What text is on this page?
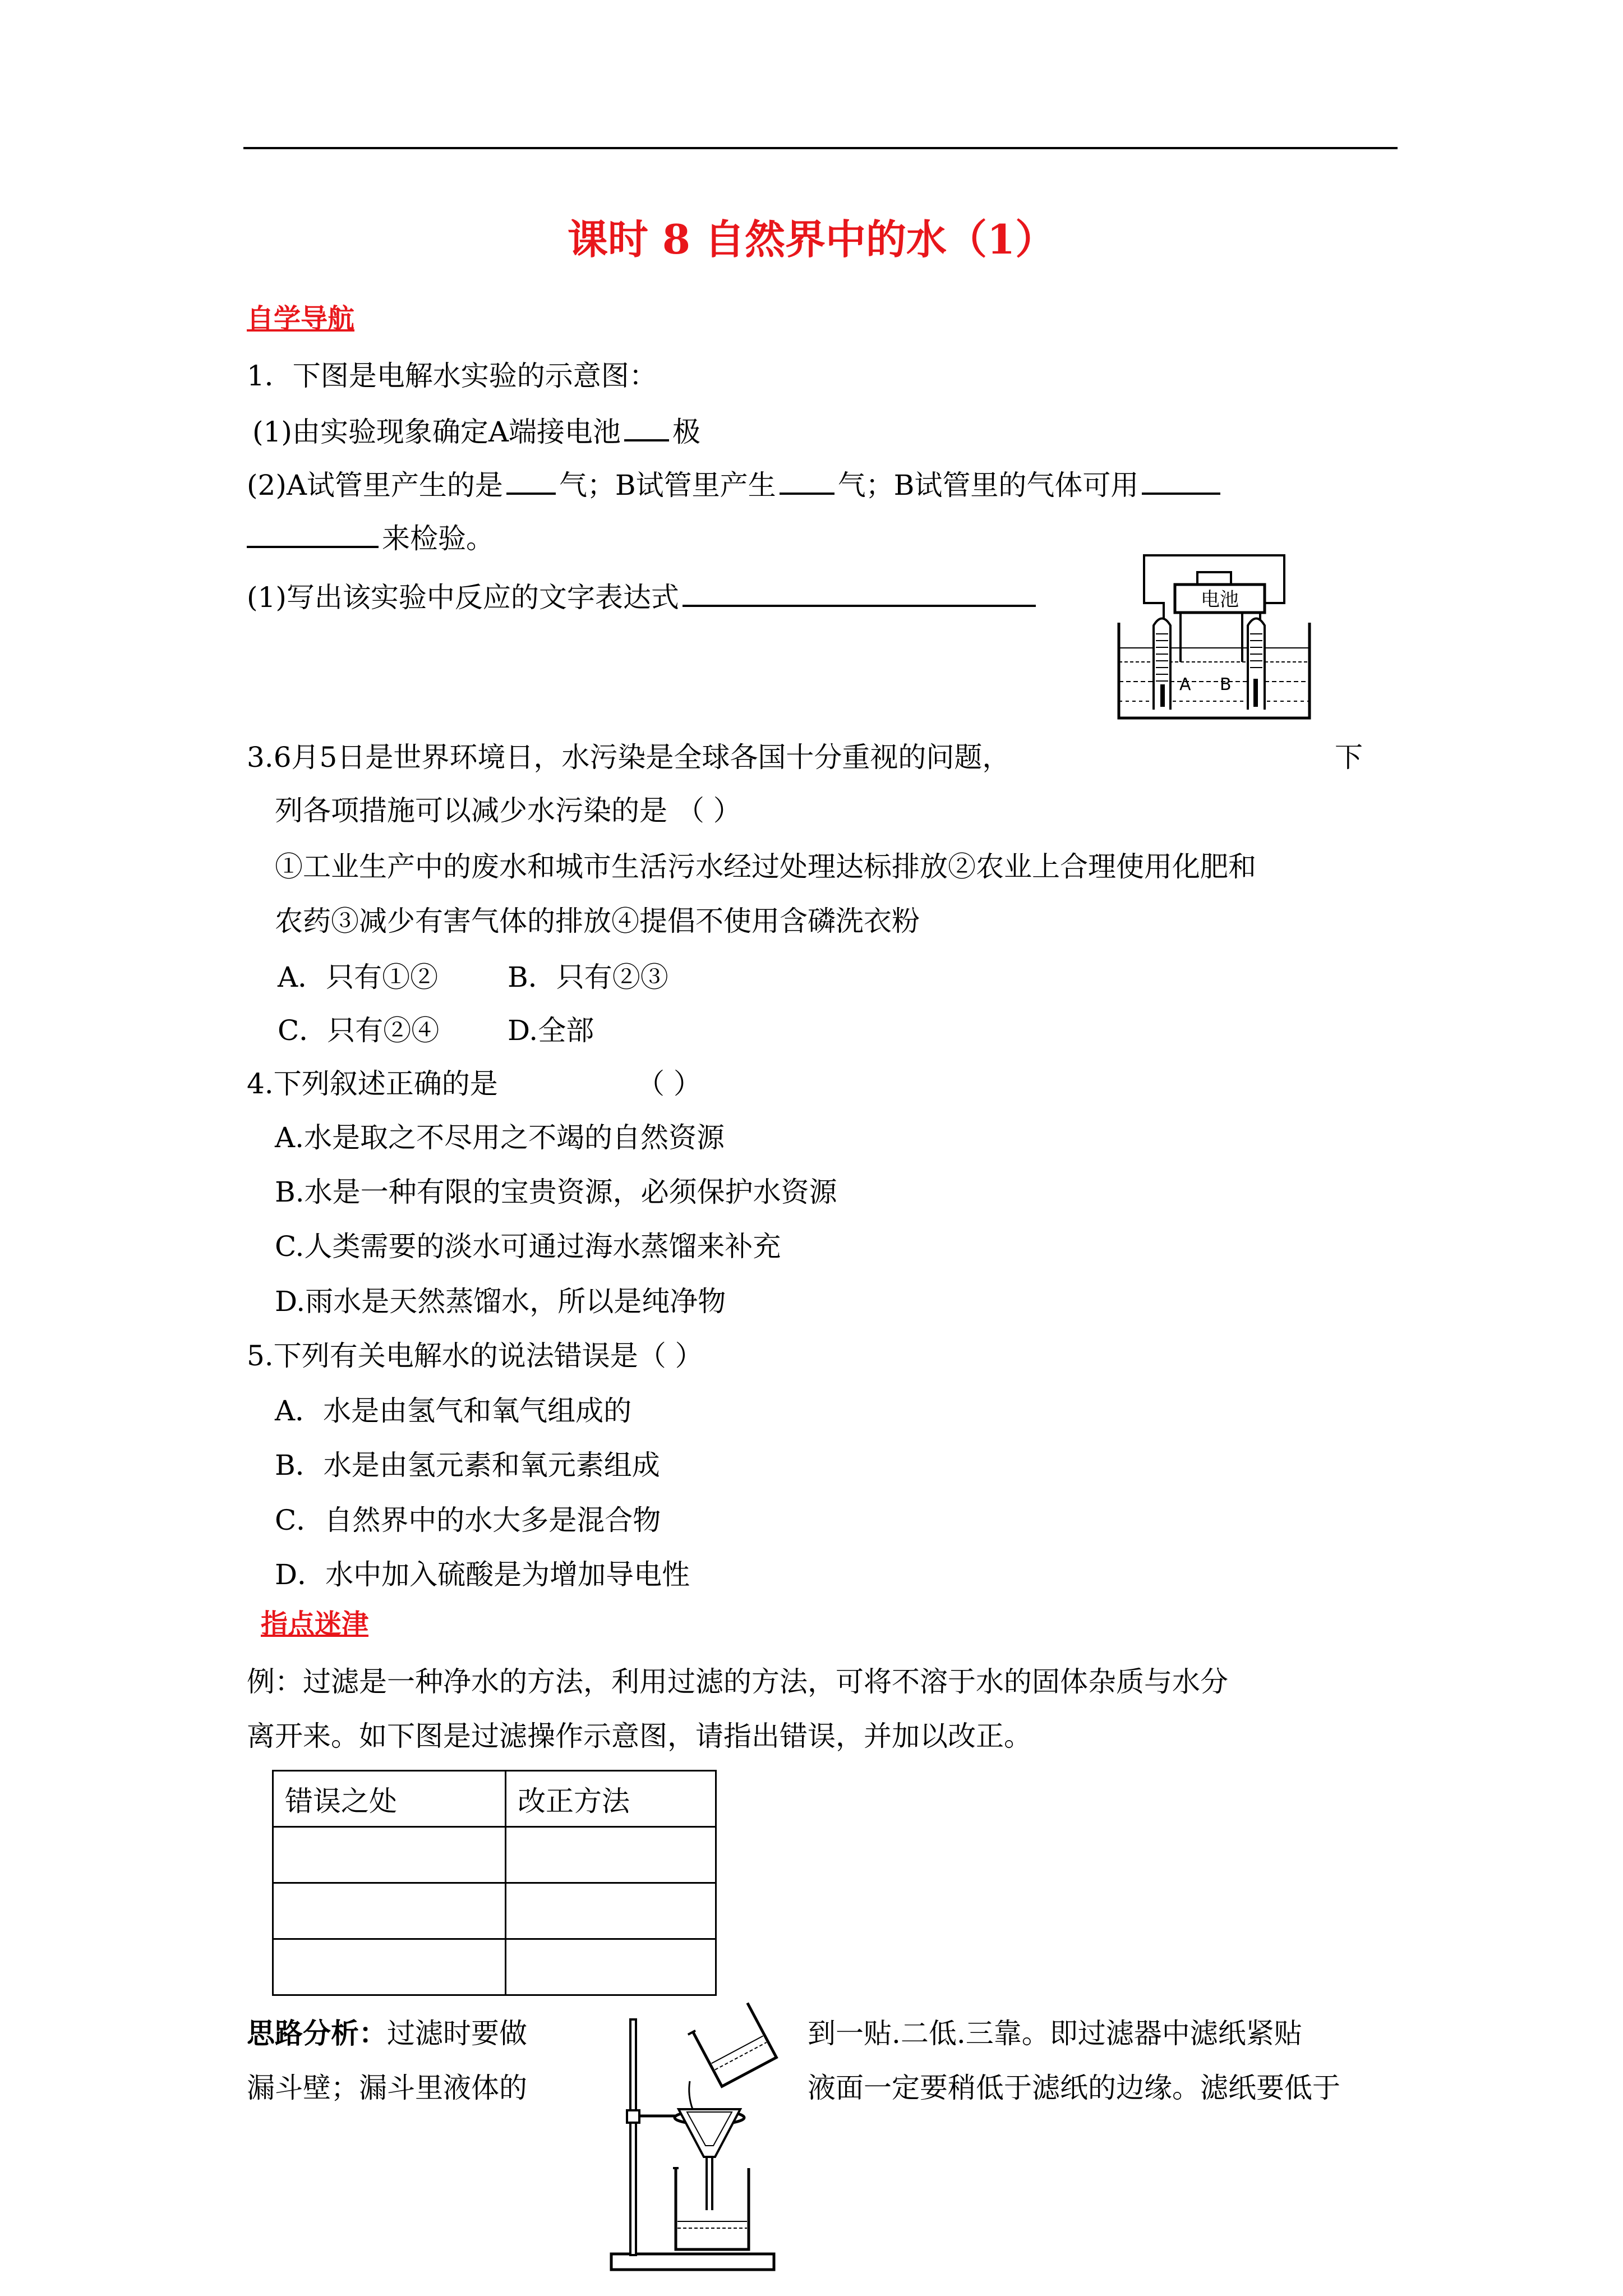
课时 8 自然界中的水（1）
自学导航
1．下图是电解水实验的示意图：
(1)由实验现象确定A端接电池 极
(2)A试管里产生的是 气；B试管里产生 气；B试管里的气体可用
来检验。
(1)写出该实验中反应的文字表达式	电池
A B
3.6月5日是世界环境日，水污染是全球各国十分重视的问题，	下
列各项措施可以减少水污染的是 （ ）
①工业生产中的废水和城市生活污水经过处理达标排放②农业上合理使用化肥和
农药③减少有害气体的排放④提倡不使用含磷洗衣粉
A．只有①② B．只有②③
C．只有②④ D.全部
4.下列叙述正确的是	（ ）
A.水是取之不尽用之不竭的自然资源
B.水是一种有限的宝贵资源，必须保护水资源
C.人类需要的淡水可通过海水蒸馏来补充
D.雨水是天然蒸馏水，所以是纯净物
5.下列有关电解水的说法错误是（ ）
A．水是由氢气和氧气组成的
B．水是由氢元素和氧元素组成
C．自然界中的水大多是混合物
D．水中加入硫酸是为增加导电性
指点迷津
例：过滤是一种净水的方法，利用过滤的方法，可将不溶于水的固体杂质与水分
离开来。如下图是过滤操作示意图，请指出错误，并加以改正。
错误之处	改正方法

思路分析：过滤时要做
漏斗壁；漏斗里液体的
到一贴.二低.三靠。即过滤器中滤纸紧贴
液面一定要稍低于滤纸的边缘。滤纸要低于
